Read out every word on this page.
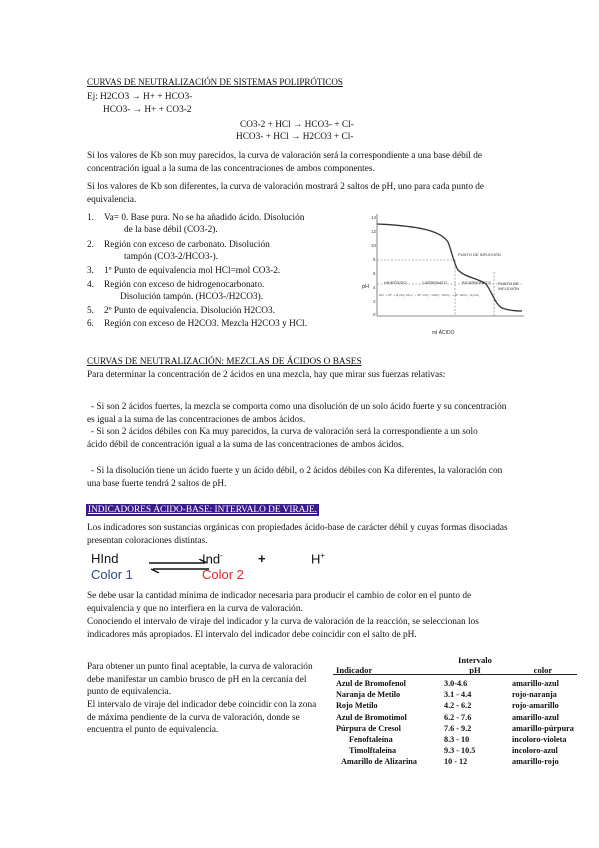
CURVAS DE NEUTRALIZACIÓN DE SISTEMAS POLIPRÓTICOS
Ej: H2CO3 → H+ + HCO3-
HCO3- → H+ + CO3-2
CO3-2 + HCl → HCO3- + Cl-
HCO3- + HCl → H2CO3 + Cl-
Si los valores de Kb son muy parecidos, la curva de valoración será la correspondiente a una base débil de concentración igual a la suma de las concentraciones de ambos componentes.
Si los valores de Kb son diferentes, la curva de valoración mostrará 2 saltos de pH, uno para cada punto de equivalencia.
1. Va= 0. Base pura. No se ha añadido ácido. Disolución
de la base débil (CO3-2).
2. Región con exceso de carbonato. Disolución
tampón (CO3-2/HCO3-).
3. 1º Punto de equivalencia mol HCl=mol CO3-2.
4. Región con exceso de hidrogenocarbonato.
Disolución tampón. (HCO3-/H2CO3).
5. 2º Punto de equivalencia. Disolución H2CO3.
6. Región con exceso de H2CO3. Mezcla H2CO3 y HCl.
14
12
10
8
6
4
2
0
pH
PUNTO DE INFLEXIÓN
PUNTO DE
INFLEXIÓN
HIDRÓXIDO	CARBONATO	BICARBONATO
OH⁻ + M⁺ + H₂CO₃ CO₃²⁻ + M⁺ CO₃²⁻ HCO₃⁻ HCO₃⁻ + M⁺ HCO₃⁻ H₂CO₃
ml ÁCIDO
CURVAS DE NEUTRALIZACIÓN: MEZCLAS DE ÁCIDOS O BASES
Para determinar la concentración de 2 ácidos en una mezcla, hay que mirar sus fuerzas relativas:
- Si son 2 ácidos fuertes, la mezcla se comporta como una disolución de un solo ácido fuerte y su concentración es igual a la suma de las concentraciones de ambos ácidos.
- Si son 2 ácidos débiles con Ka muy parecidos, la curva de valoración será la correspondiente a un solo ácido débil de concentración igual a la suma de las concentraciones de ambos ácidos.
- Si la disolución tiene un ácido fuerte y un ácido débil, o 2 ácidos débiles con Ka diferentes, la valoración con una base fuerte tendrá 2 saltos de pH.
INDICADORES ÁCIDO-BASE: INTERVALO DE VIRAJE.
Los indicadores son sustancias orgánicas con propiedades ácido-base de carácter débil y cuyas formas disociadas presentan coloraciones distintas.
HInd
Color 1
Ind-
Color 2
+	H+
Se debe usar la cantidad mínima de indicador necesaria para producir el cambio de color en el punto de equivalencia y que no interfiera en la curva de valoración.
Conociendo el intervalo de viraje del indicador y la curva de valoración de la reacción, se seleccionan los indicadores más apropiados. El intervalo del indicador debe coincidir con el salto de pH.
Para obtener un punto final aceptable, la curva de valoración debe manifestar un cambio brusco de pH en la cercanía del punto de equivalencia.
El intervalo de viraje del indicador debe coincidir con la zona de máxima pendiente de la curva de valoración, donde se encuentra el punto de equivalencia.
Indicador	Intervalo
pH	color
Azul de Bromofenol	3.0-4.6	amarillo-azul
Naranja de Metilo	3.1 - 4.4	rojo-naranja
Rojo Metilo	4.2 - 6.2	rojo-amarillo
Azul de Bromotimol	6.2 - 7.6	amarillo-azul
Púrpura de Cresol	7.6 - 9.2	amarillo-púrpura
Fenoftaleína	8.3 - 10	incoloro-violeta
Timolftaleína	9.3 - 10.5	incoloro-azul
Amarillo de Alizarina	10 - 12	amarillo-rojo
